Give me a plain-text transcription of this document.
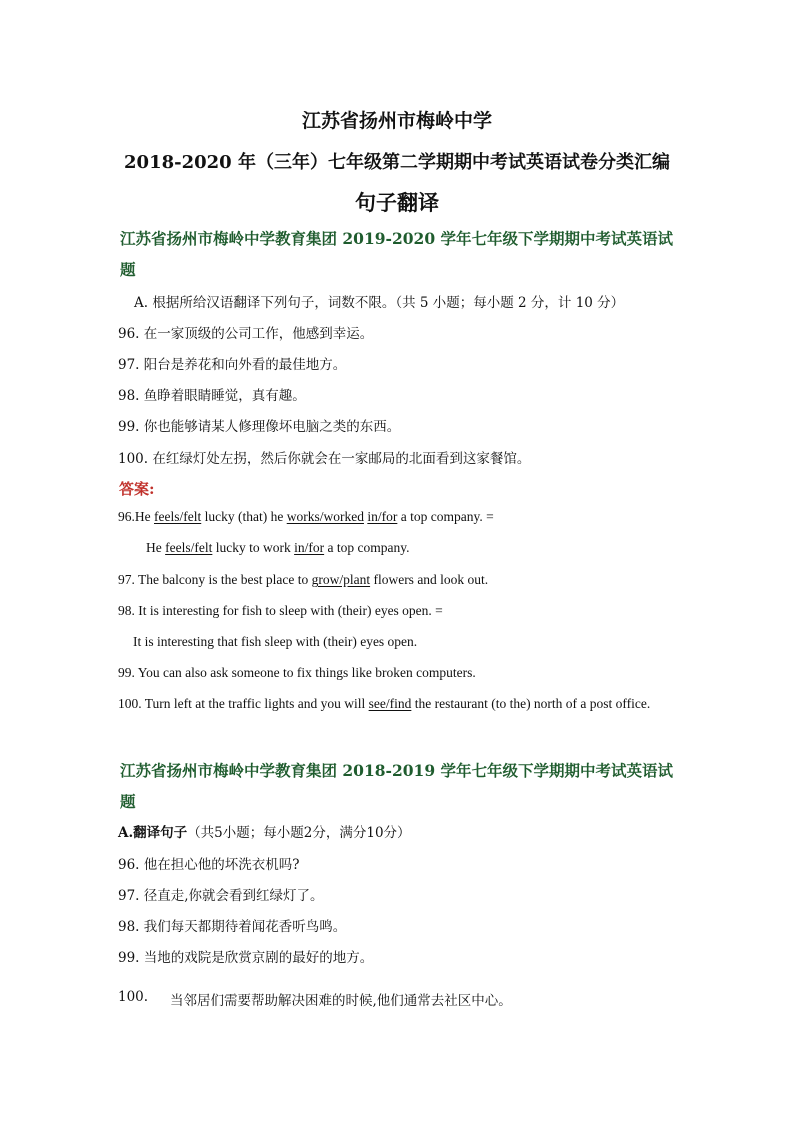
江苏省扬州市梅岭中学
2018-2020 年（三年）七年级第二学期期中考试英语试卷分类汇编
句子翻译
江苏省扬州市梅岭中学教育集团 2019-2020 学年七年级下学期期中考试英语试
题
A. 根据所给汉语翻译下列句子，词数不限。（共 5 小题；每小题 2 分，计 10 分）
96. 在一家顶级的公司工作，他感到幸运。
97. 阳台是养花和向外看的最佳地方。
98. 鱼睁着眼睛睡觉，真有趣。
99. 你也能够请某人修理像坏电脑之类的东西。
100. 在红绿灯处左拐，然后你就会在一家邮局的北面看到这家餐馆。
答案:
96.He feels/felt lucky (that) he works/worked in/for a top company. =
He feels/felt lucky to work in/for a top company.
97. The balcony is the best place to grow/plant flowers and look out.
98. It is interesting for fish to sleep with (their) eyes open. =
It is interesting that fish sleep with (their) eyes open.
99. You can also ask someone to fix things like broken computers.
100. Turn left at the traffic lights and you will see/find the restaurant (to the) north of a post office.
江苏省扬州市梅岭中学教育集团 2018-2019 学年七年级下学期期中考试英语试
题
A.翻译句子（共5小题；每小题2分，满分10分）
96. 他在担心他的坏洗衣机吗?
97. 径直走,你就会看到红绿灯了。
98. 我们每天都期待着闻花香听鸟鸣。
99. 当地的戏院是欣赏京剧的最好的地方。
100. 当邻居们需要帮助解决困难的时候,他们通常去社区中心。
